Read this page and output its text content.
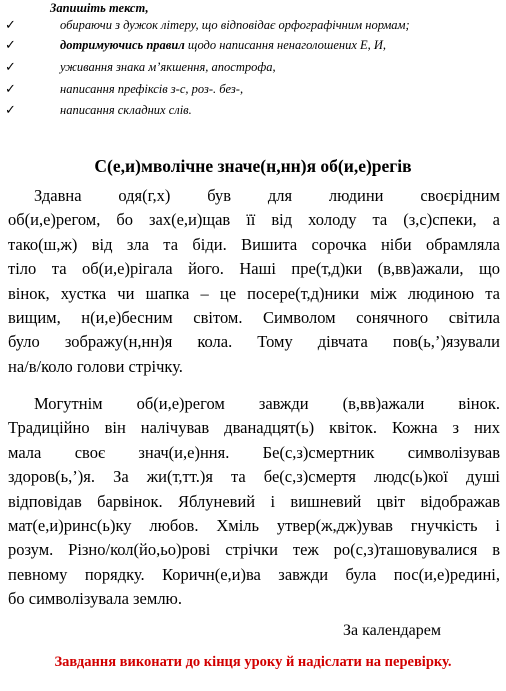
Запишіть текст,
✓	обираючи з дужок літеру, що відповідає орфографічним нормам;
✓	дотримуючись правил щодо написання ненаголошених Е, И,
✓	уживання знака м’якшення, апострофа,
✓	написання префіксів з-с, роз-. без-,
✓	написання складних слів.
С(е,и)мволічне значе(н,нн)я об(и,е)регів
Здавна одя(г,х) був для людини своєрідним
об(и,е)регом, бо зах(е,и)щав її від холоду та (з,с)спеки, а
тако(ш,ж) від зла та біди. Вишита сорочка ніби обрамляла
тіло та об(и,е)рігала його. Наші пре(т,д)ки (в,вв)ажали, що
вінок, хустка чи шапка – це посере(т,д)ники між людиною та
вищим, н(и,е)бесним світом. Символом сонячного світила
було зображу(н,нн)я кола. Тому дівчата пов(ь,’)язували
на/в/коло голови стрічку.
Могутнім об(и,е)регом завжди (в,вв)ажали вінок.
Традиційно він налічував дванадцят(ь) квіток. Кожна з них
мала своє знач(и,е)ння. Бе(с,з)смертник символізував
здоров(ь,’)я. За жи(т,тт.)я та бе(с,з)смертя людс(ь)кої душі
відповідав барвінок. Яблуневий і вишневий цвіт відображав
мат(е,и)ринс(ь)ку любов. Хміль утвер(ж,дж)ував гнучкість і
розум. Різно/кол(йо,ьо)рові стрічки теж ро(с,з)ташовувалися в
певному порядку. Коричн(е,и)ва завжди була пос(и,е)редині,
бо символізувала землю.
За календарем
Завдання виконати до кінця уроку й надіслати на перевірку.
